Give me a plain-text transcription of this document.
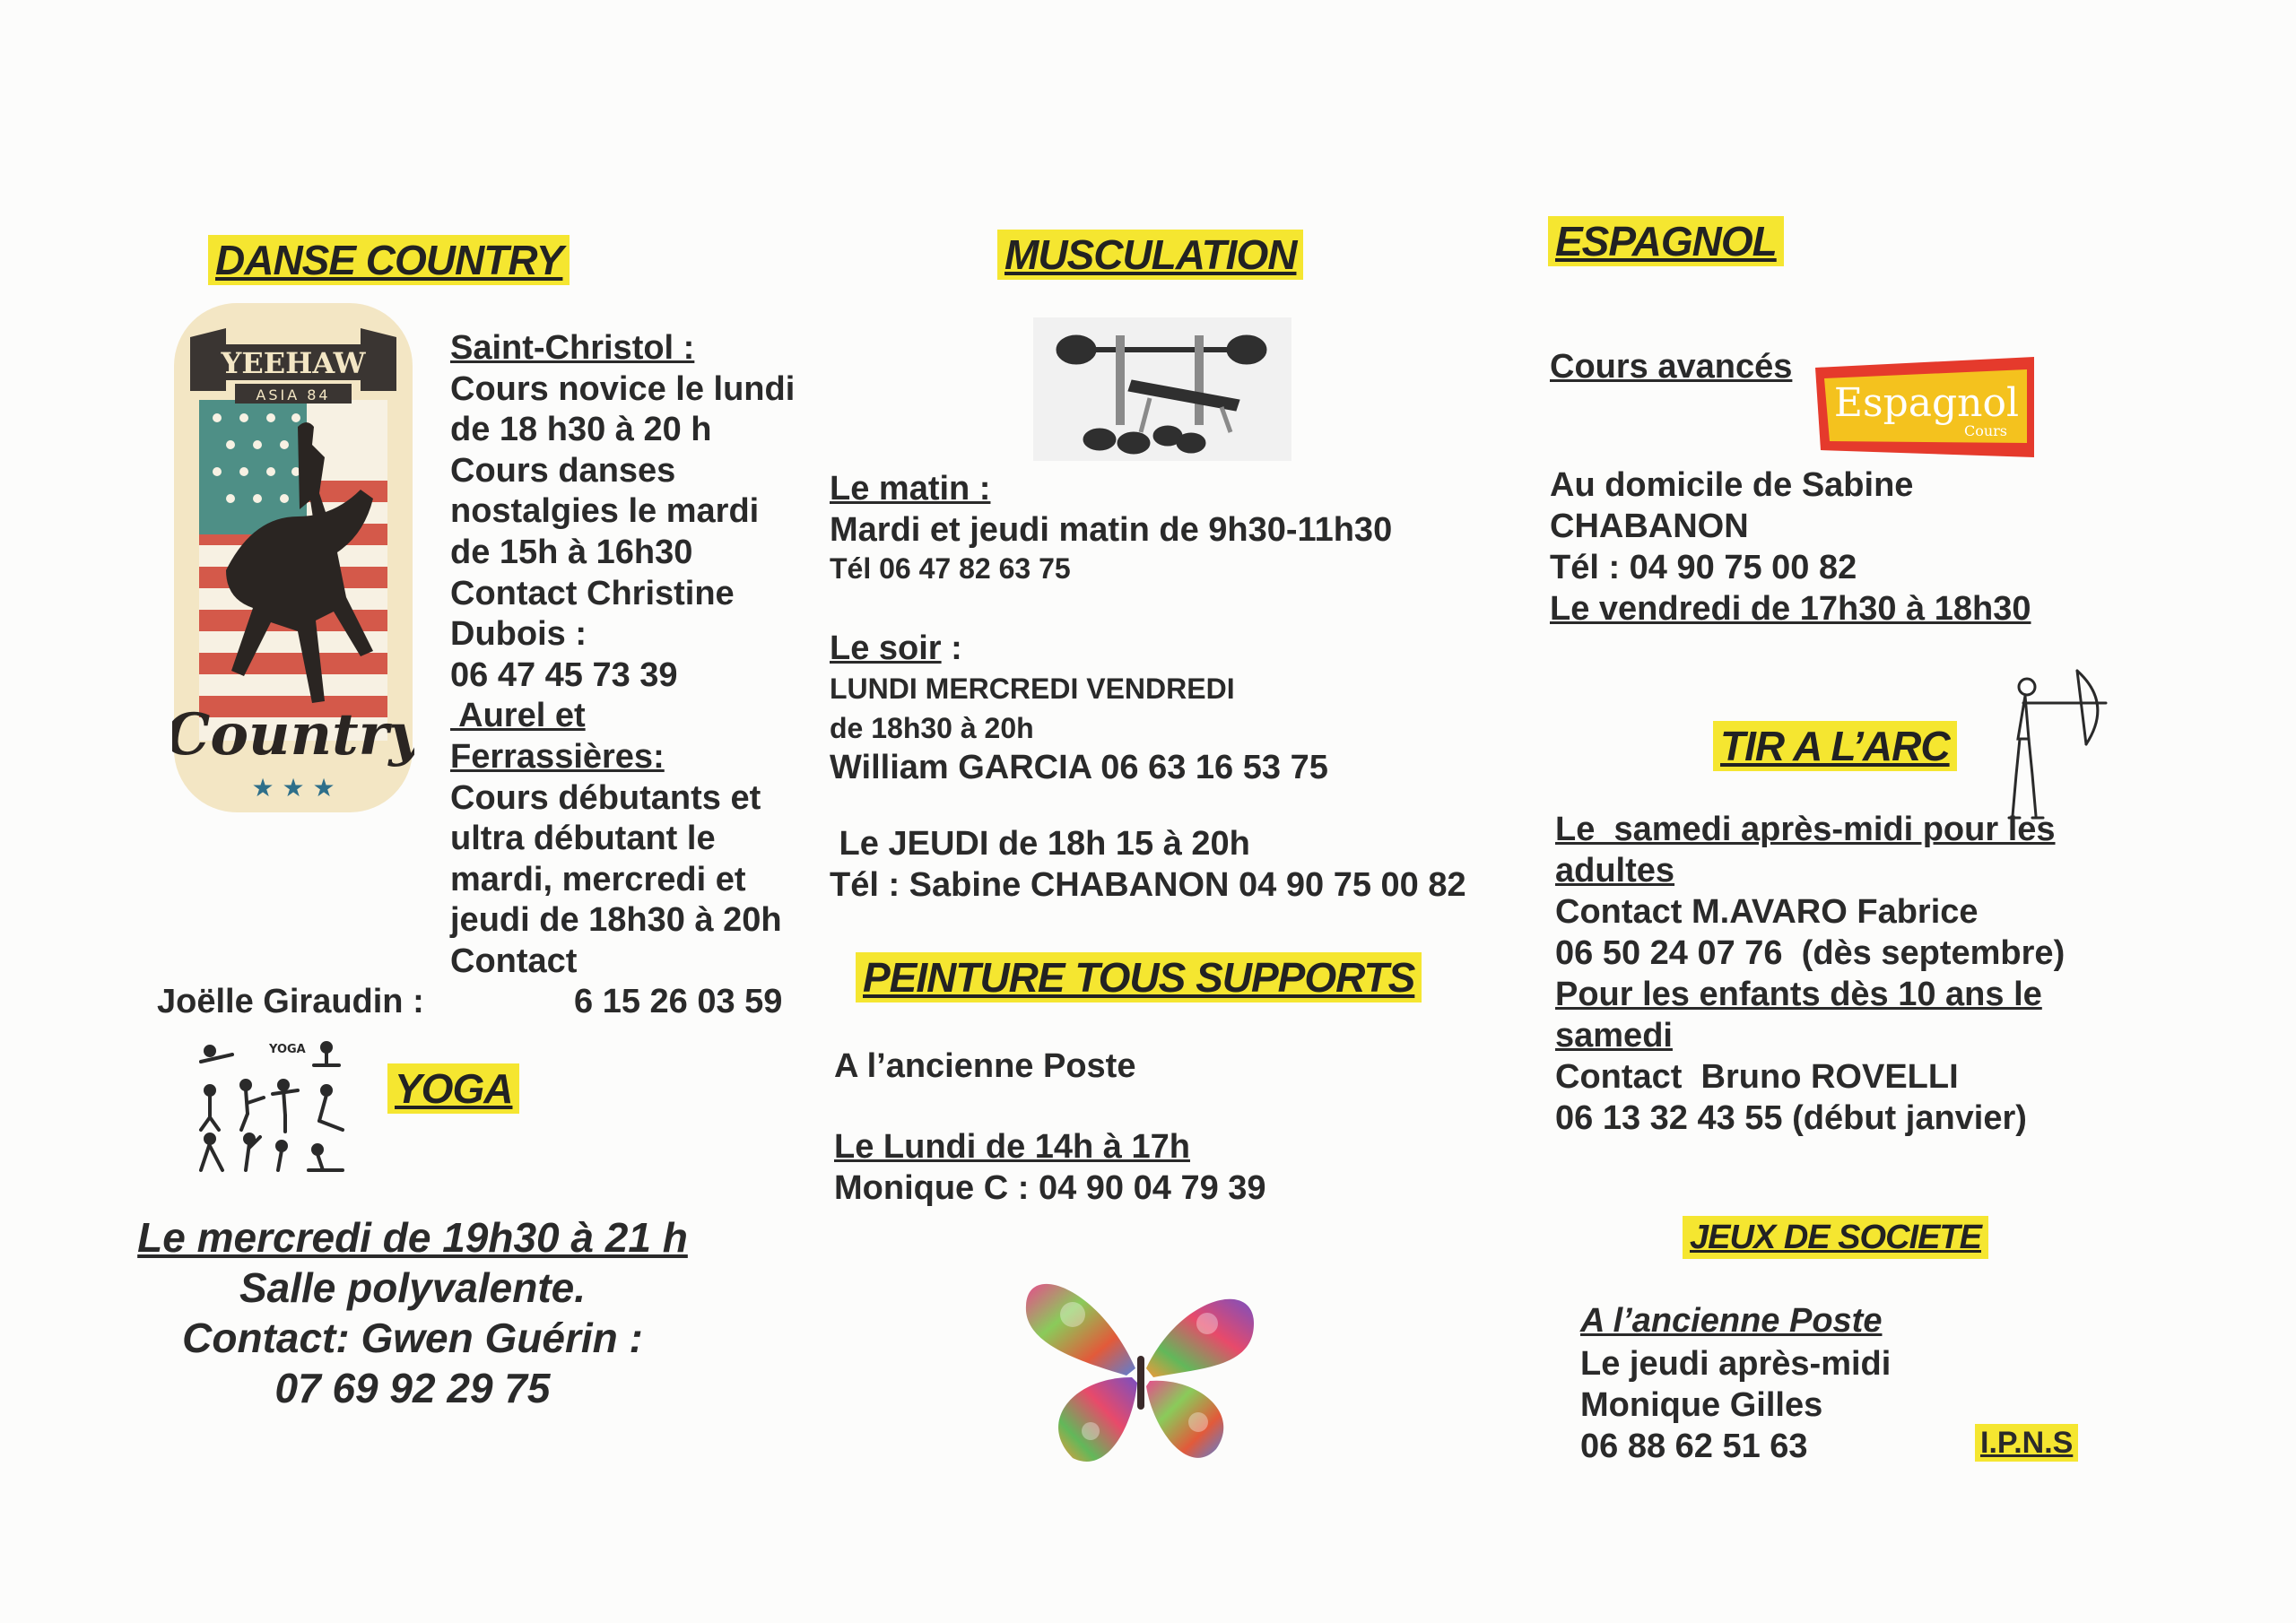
DANSE COUNTRY
YEEHAW
ASIA 84
Country
★ ★ ★
Saint-Christol :
Cours novice le lundi
de 18 h30 à 20 h
Cours danses
nostalgies le mardi
de 15h à 16h30
Contact Christine
Dubois :
06 47 45 73 39
Aurel et
Ferrassières:
Cours débutants et
ultra débutant le
mardi, mercredi et
jeudi de 18h30 à 20h
Contact
Joëlle Giraudin :	6 15 26 03 59
YOGA
YOGA
Le mercredi de 19h30 à 21 h
Salle polyvalente.
Contact: Gwen Guérin :
07 69 92 29 75
MUSCULATION
Le matin :
Mardi et jeudi matin de 9h30-11h30
Tél 06 47 82 63 75
Le soir :
LUNDI MERCREDI VENDREDI
de 18h30 à 20h
William GARCIA 06 63 16 53 75
Le JEUDI de 18h 15 à 20h
Tél : Sabine CHABANON 04 90 75 00 82
PEINTURE TOUS SUPPORTS
A l’ancienne Poste
Le Lundi de 14h à 17h
Monique C : 04 90 04 79 39
ESPAGNOL
Cours avancés
Espagnol
Cours
Au domicile de Sabine
CHABANON
Tél : 04 90 75 00 82
Le vendredi de 17h30 à 18h30
TIR A L’ARC
Le  samedi après-midi pour les
adultes
Contact M.AVARO Fabrice
06 50 24 07 76  (dès septembre)
Pour les enfants dès 10 ans le
samedi
Contact  Bruno ROVELLI
06 13 32 43 55 (début janvier)
JEUX DE SOCIETE
A l’ancienne Poste
Le jeudi après-midi
Monique Gilles
06 88 62 51 63	I.P.N.S
